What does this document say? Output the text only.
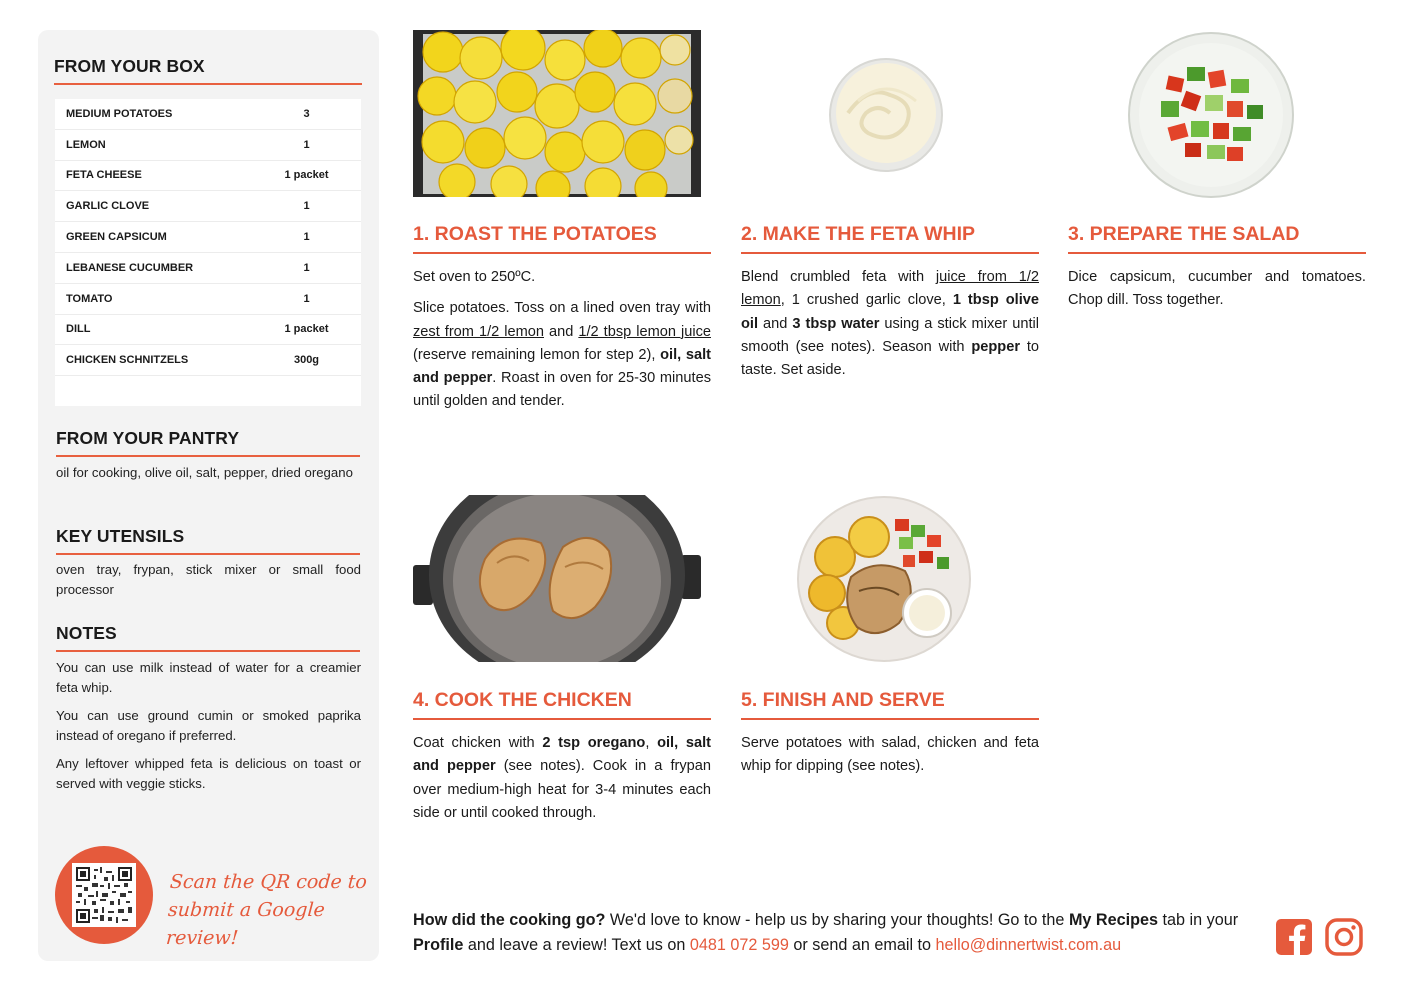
FROM YOUR BOX
MEDIUM POTATOES	3
LEMON	1
FETA CHEESE	1 packet
GARLIC CLOVE	1
GREEN CAPSICUM	1
LEBANESE CUCUMBER	1
TOMATO	1
DILL	1 packet
CHICKEN SCHNITZELS	300g
FROM YOUR PANTRY
oil for cooking, olive oil, salt, pepper, dried oregano
KEY UTENSILS
oven tray, frypan, stick mixer or small food processor
NOTES

You can use milk instead of water for a creamier feta whip.

You can use ground cumin or smoked paprika instead of oregano if preferred.

Any leftover whipped feta is delicious on toast or served with veggie sticks.

Scan the QR code to
submit a Google review!
1. ROAST THE POTATOES

Set oven to 250ºC.

Slice potatoes. Toss on a lined oven tray with zest from 1/2 lemon and 1/2 tbsp lemon juice (reserve remaining lemon for step 2), oil, salt and pepper. Roast in oven for 25-30 minutes until golden and tender.

2. MAKE THE FETA WHIP

Blend crumbled feta with juice from 1/2 lemon, 1 crushed garlic clove, 1 tbsp olive oil and 3 tbsp water using a stick mixer until smooth (see notes). Season with pepper to taste. Set aside.

3. PREPARE THE SALAD

Dice capsicum, cucumber and tomatoes. Chop dill. Toss together.

4. COOK THE CHICKEN

Coat chicken with 2 tsp oregano, oil, salt and pepper (see notes). Cook in a frypan over medium-high heat for 3-4 minutes each side or until cooked through.

5. FINISH AND SERVE

Serve potatoes with salad, chicken and feta whip for dipping (see notes).

How did the cooking go? We'd love to know - help us by sharing your thoughts! Go to the My Recipes tab in your Profile and leave a review! Text us on 0481 072 599 or send an email to hello@dinnertwist.com.au
